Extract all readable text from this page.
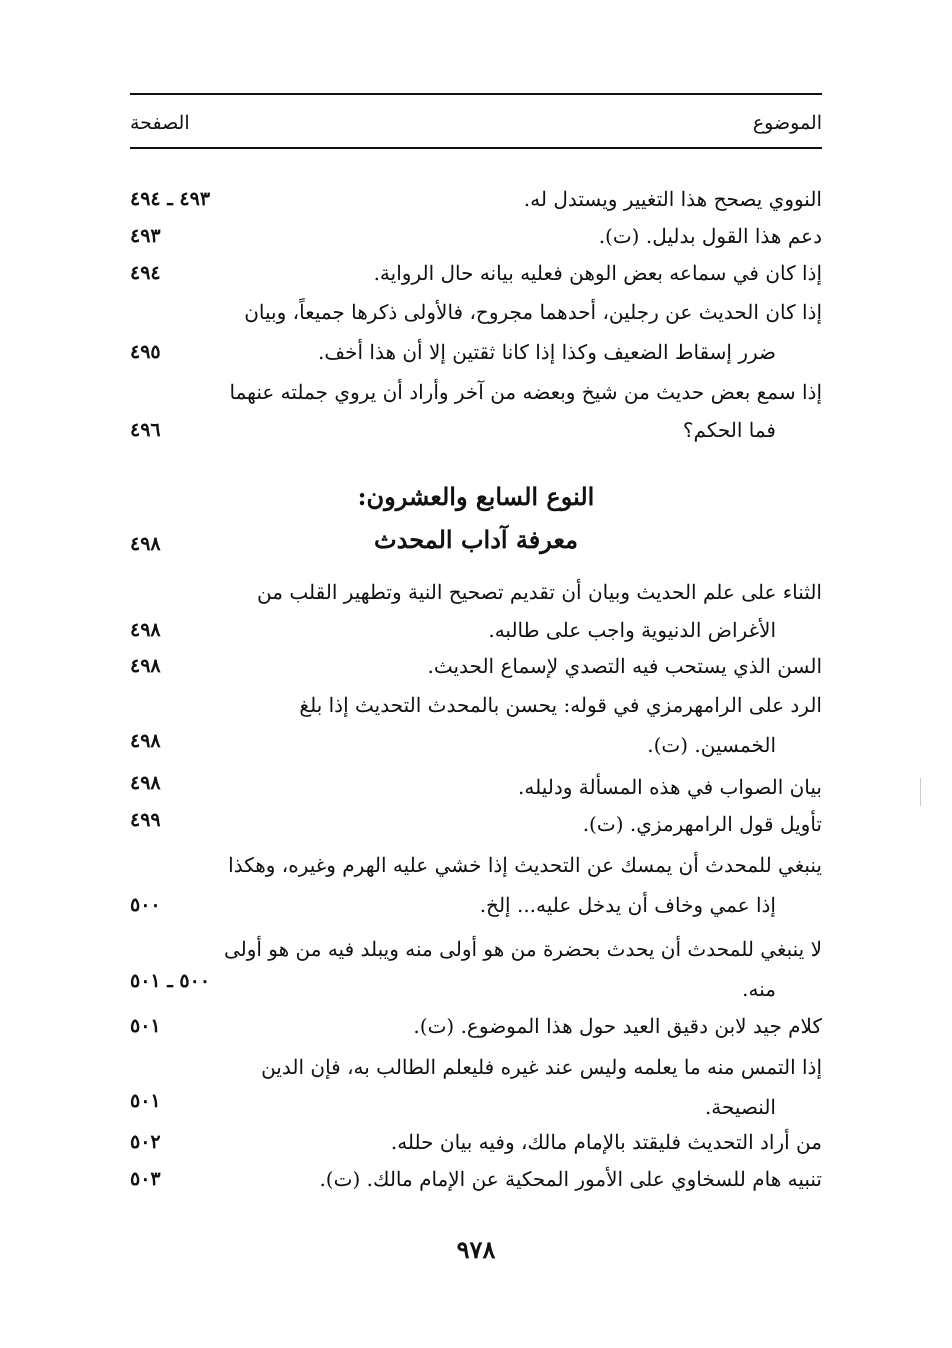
الموضوع
الصفحة
النووي يصحح هذا التغيير ويستدل له.
٤٩٣ ـ ٤٩٤
دعم هذا القول بدليل. (ت).
٤٩٣
إذا كان في سماعه بعض الوهن فعليه بيانه حال الرواية.
٤٩٤
إذا كان الحديث عن رجلين، أحدهما مجروح، فالأولى ذكرها جميعاً، وبيان
ضرر إسقاط الضعيف وكذا إذا كانا ثقتين إلا أن هذا أخف.
٤٩٥
إذا سمع بعض حديث من شيخ وبعضه من آخر وأراد أن يروي جملته عنهما
فما الحكم؟
٤٩٦
النوع السابع والعشرون:
معرفة آداب المحدث
٤٩٨
الثناء على علم الحديث وبيان أن تقديم تصحيح النية وتطهير القلب من
الأغراض الدنيوية واجب على طالبه.
٤٩٨
السن الذي يستحب فيه التصدي لإسماع الحديث.
٤٩٨
الرد على الرامهرمزي في قوله: يحسن بالمحدث التحديث إذا بلغ
الخمسين. (ت).
٤٩٨
بيان الصواب في هذه المسألة ودليله.
٤٩٨
تأويل قول الرامهرمزي. (ت).
٤٩٩
ينبغي للمحدث أن يمسك عن التحديث إذا خشي عليه الهرم وغيره، وهكذا
إذا عمي وخاف أن يدخل عليه... إلخ.
٥٠٠
لا ينبغي للمحدث أن يحدث بحضرة من هو أولى منه ويبلد فيه من هو أولى
منه.
٥٠٠ ـ ٥٠١
كلام جيد لابن دقيق العيد حول هذا الموضوع. (ت).
٥٠١
إذا التمس منه ما يعلمه وليس عند غيره فليعلم الطالب به، فإن الدين
النصيحة.
٥٠١
من أراد التحديث فليقتد بالإمام مالك، وفيه بيان حلله.
٥٠٢
تنبيه هام للسخاوي على الأمور المحكية عن الإمام مالك. (ت).
٥٠٣
٩٧٨
